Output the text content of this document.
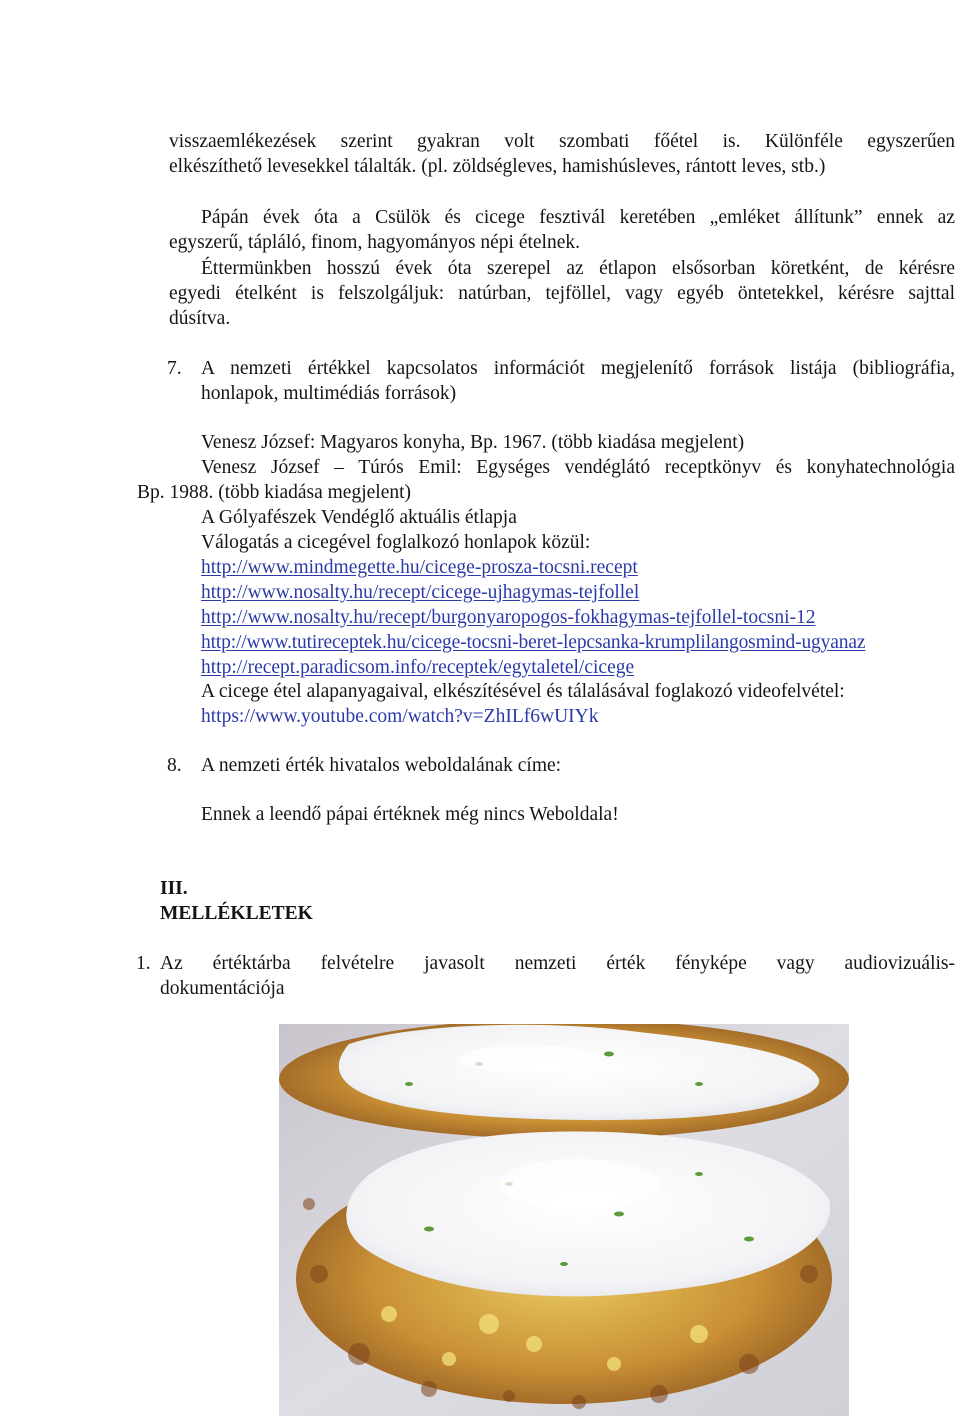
visszaemlékezések szerint gyakran volt szombati főétel is. Különféle egyszerűen

elkészíthető levesekkel tálalták. (pl. zöldségleves, hamishúsleves, rántott leves, stb.)

Pápán évek óta a Csülök és cicege fesztivál keretében „emléket állítunk” ennek az

egyszerű, tápláló, finom, hagyományos népi ételnek.

Éttermünkben hosszú évek óta szerepel az étlapon elsősorban köretként, de kérésre

egyedi ételként is felszolgáljuk: natúrban, tejföllel, vagy egyéb öntetekkel, kérésre sajttal

dúsítva.

7. A nemzeti értékkel kapcsolatos információt megjelenítő források listája (bibliográfia,

honlapok, multimédiás források)

Venesz József: Magyaros konyha, Bp. 1967. (több kiadása megjelent)

Venesz József – Túrós Emil: Egységes vendéglátó receptkönyv és konyhatechnológia

Bp. 1988. (több kiadása megjelent)

A Gólyafészek Vendéglő aktuális étlapja

Válogatás a cicegével foglalkozó honlapok közül:

http://www.mindmegette.hu/cicege-prosza-tocsni.recept
http://www.nosalty.hu/recept/cicege-ujhagymas-tejfollel
http://www.nosalty.hu/recept/burgonyaropogos-fokhagymas-tejfollel-tocsni-12
http://www.tutireceptek.hu/cicege-tocsni-beret-lepcsanka-krumplilangosmind-ugyanaz
http://recept.paradicsom.info/receptek/egytaletel/cicege

A cicege étel alapanyagaival, elkészítésével és tálalásával foglakozó videofelvétel:

https://www.youtube.com/watch?v=ZhILf6wUIYk
8. A nemzeti érték hivatalos weboldalának címe:

Ennek a leendő pápai értéknek még nincs Weboldala!

III.

MELLÉKLETEK

1. Az értéktárba felvételre javasolt nemzeti érték fényképe vagy audiovizuális-

dokumentációja
